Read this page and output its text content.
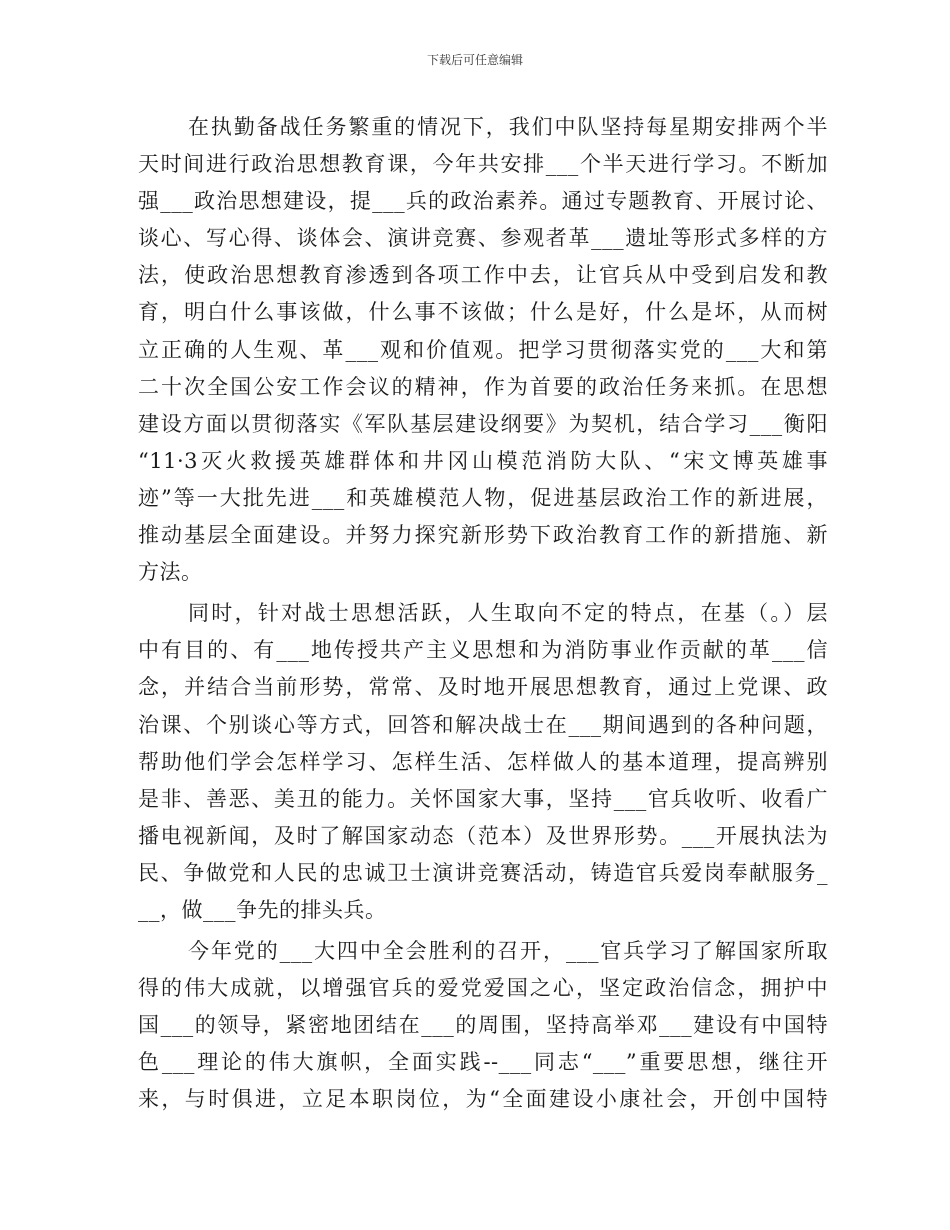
下载后可任意编辑
在执勤备战任务繁重的情况下，我们中队坚持每星期安排两个半
天时间进行政治思想教育课，今年共安排___个半天进行学习。不断加
强___政治思想建设，提___兵的政治素养。通过专题教育、开展讨论、
谈心、写心得、谈体会、演讲竞赛、参观者革___遗址等形式多样的方
法，使政治思想教育渗透到各项工作中去，让官兵从中受到启发和教
育，明白什么事该做，什么事不该做；什么是好，什么是坏，从而树
立正确的人生观、革___观和价值观。把学习贯彻落实党的___大和第
二十次全国公安工作会议的精神，作为首要的政治任务来抓。在思想
建设方面以贯彻落实《军队基层建设纲要》为契机，结合学习___衡阳
“11·3灭火救援英雄群体和井冈山模范消防大队、“宋文博英雄事
迹”等一大批先进___和英雄模范人物，促进基层政治工作的新进展，
推动基层全面建设。并努力探究新形势下政治教育工作的新措施、新
方法。
同时，针对战士思想活跃，人生取向不定的特点，在基（。）层
中有目的、有___地传授共产主义思想和为消防事业作贡献的革___信
念，并结合当前形势，常常、及时地开展思想教育，通过上党课、政
治课、个别谈心等方式，回答和解决战士在___期间遇到的各种问题，
帮助他们学会怎样学习、怎样生活、怎样做人的基本道理，提高辨别
是非、善恶、美丑的能力。关怀国家大事，坚持___官兵收听、收看广
播电视新闻，及时了解国家动态（范本）及世界形势。___开展执法为
民、争做党和人民的忠诚卫士演讲竞赛活动，铸造官兵爱岗奉献服务_
__，做___争先的排头兵。
今年党的___大四中全会胜利的召开，___官兵学习了解国家所取
得的伟大成就，以增强官兵的爱党爱国之心，坚定政治信念，拥护中
国___的领导，紧密地团结在___的周围，坚持高举邓___建设有中国特
色___理论的伟大旗帜，全面实践--___同志“___”重要思想，继往开
来，与时俱进，立足本职岗位，为“全面建设小康社会，开创中国特
